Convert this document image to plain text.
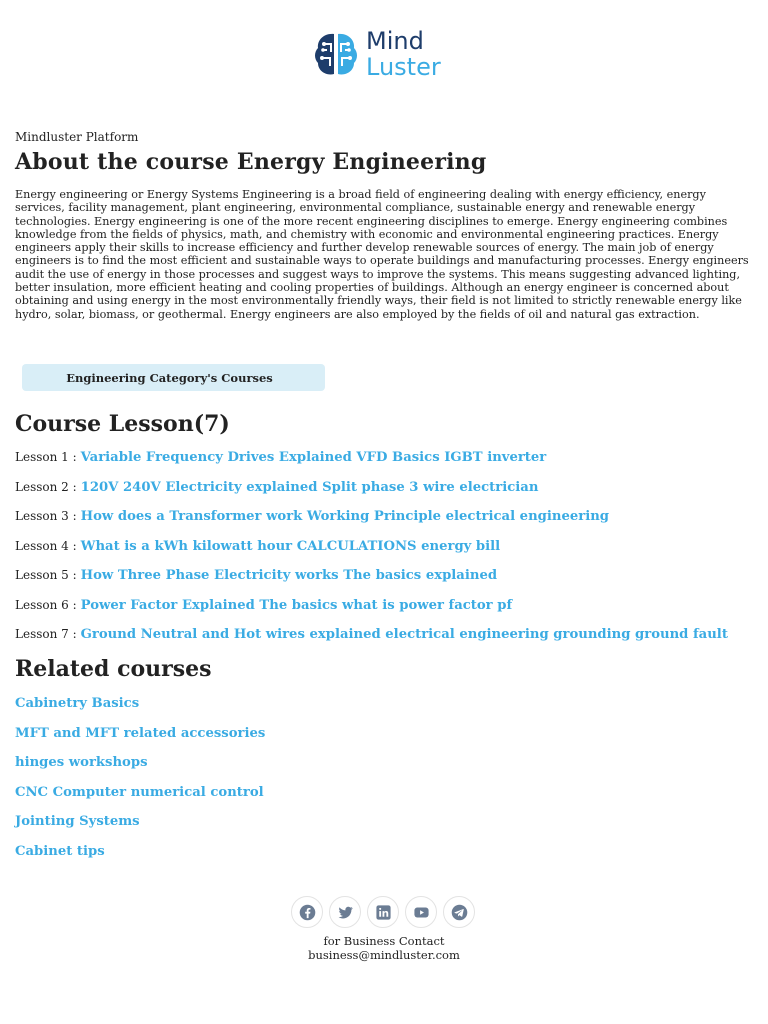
Mind
Luster
Mindluster Platform
About the course Energy Engineering

Energy engineering or Energy Systems Engineering is a broad field of engineering dealing with energy efficiency, energy services, facility management, plant engineering, environmental compliance, sustainable energy and renewable energy technologies. Energy engineering is one of the more recent engineering disciplines to emerge. Energy engineering combines knowledge from the fields of physics, math, and chemistry with economic and environmental engineering practices. Energy engineers apply their skills to increase efficiency and further develop renewable sources of energy. The main job of energy engineers is to find the most efficient and sustainable ways to operate buildings and manufacturing processes. Energy engineers audit the use of energy in those processes and suggest ways to improve the systems. This means suggesting advanced lighting, better insulation, more efficient heating and cooling properties of buildings. Although an energy engineer is concerned about obtaining and using energy in the most environmentally friendly ways, their field is not limited to strictly renewable energy like hydro, solar, biomass, or geothermal. Energy engineers are also employed by the fields of oil and natural gas extraction.

Engineering Category's Courses
Course Lesson(7)
Lesson 1 : Variable Frequency Drives Explained VFD Basics IGBT inverter
Lesson 2 : 120V 240V Electricity explained Split phase 3 wire electrician
Lesson 3 : How does a Transformer work Working Principle electrical engineering
Lesson 4 : What is a kWh kilowatt hour CALCULATIONS energy bill
Lesson 5 : How Three Phase Electricity works The basics explained
Lesson 6 : Power Factor Explained The basics what is power factor pf
Lesson 7 : Ground Neutral and Hot wires explained electrical engineering grounding ground fault
Related courses
Cabinetry Basics
MFT and MFT related accessories
hinges workshops
CNC Computer numerical control
Jointing Systems
Cabinet tips
for Business Contact
business@mindluster.com
